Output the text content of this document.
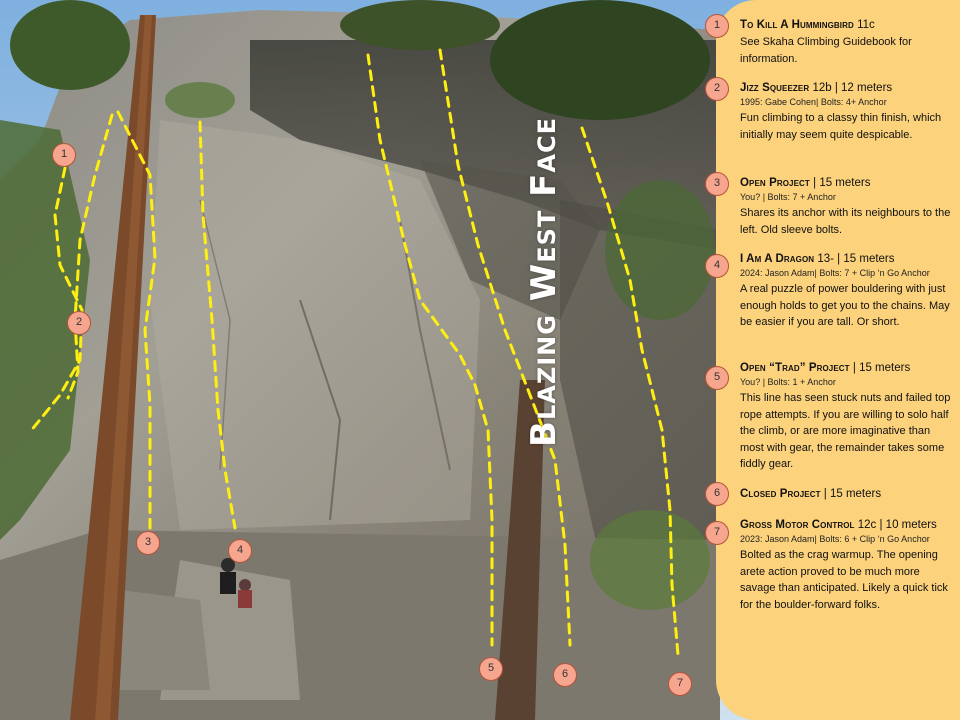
Blazing West Face
1
2
3
4
5	6
7
1
2
3
4
5
6
7
To Kill A Hummingbird 11c
See Skaha Climbing Guidebook for information.
Jizz Squeezer 12b | 12 meters
1995: Gabe Cohen| Bolts: 4+ Anchor
Fun climbing to a classy thin finish, which initially may seem quite despicable.
Open Project | 15 meters
You? | Bolts: 7 + Anchor
Shares its anchor with its neighbours to the left. Old sleeve bolts.
I Am A Dragon 13- | 15 meters
2024: Jason Adam| Bolts: 7 + Clip ‘n Go Anchor
A real puzzle of power bouldering with just enough holds to get you to the chains. May be easier if you are tall. Or short.
Open “Trad” Project | 15 meters
You? | Bolts: 1 + Anchor
This line has seen stuck nuts and failed top rope attempts. If you are willing to solo half the climb, or are more imaginative than most with gear, the remainder takes some fiddly gear.
Closed Project | 15 meters
Gross Motor Control 12c | 10 meters
2023: Jason Adam| Bolts: 6 + Clip ‘n Go Anchor
Bolted as the crag warmup. The opening arete action proved to be much more savage than anticipated. Likely a quick tick for the boulder-forward folks.
